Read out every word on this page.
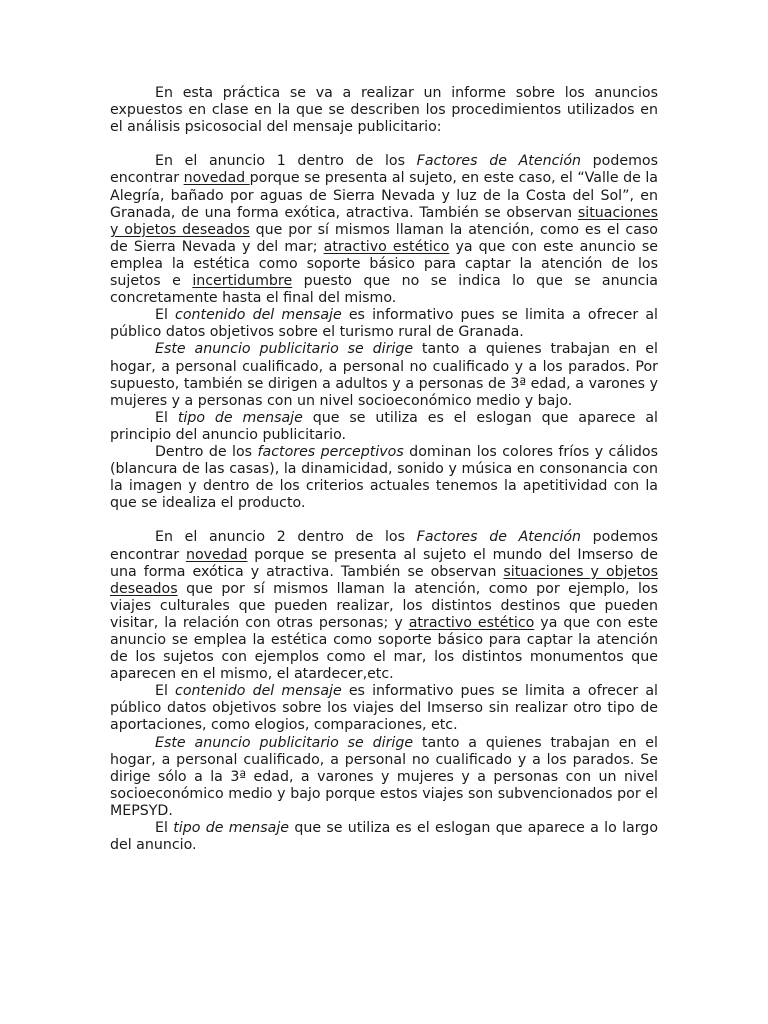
En esta práctica se va a realizar un informe sobre los anuncios expuestos en clase en la que se describen los procedimientos utilizados en el análisis psicosocial del mensaje publicitario:

En el anuncio 1 dentro de los Factores de Atención podemos encontrar novedad porque se presenta al sujeto, en este caso, el “Valle de la Alegría, bañado por aguas de Sierra Nevada y luz de la Costa del Sol”, en Granada, de una forma exótica, atractiva. También se observan situaciones y objetos deseados que por sí mismos llaman la atención, como es el caso de Sierra Nevada y del mar; atractivo estético ya que con este anuncio se emplea la estética como soporte básico para captar la atención de los sujetos e incertidumbre puesto que no se indica lo que se anuncia concretamente hasta el final del mismo.

El contenido del mensaje es informativo pues se limita a ofrecer al público datos objetivos sobre el turismo rural de Granada.

Este anuncio publicitario se dirige tanto a quienes trabajan en el hogar, a personal cualificado, a personal no cualificado y a los parados. Por supuesto, también se dirigen a adultos y a personas de 3ª edad, a varones y mujeres y a personas con un nivel socioeconómico medio y bajo.

El tipo de mensaje que se utiliza es el eslogan que aparece al principio del anuncio publicitario.

Dentro de los factores perceptivos dominan los colores fríos y cálidos (blancura de las casas), la dinamicidad, sonido y música en consonancia con la imagen y dentro de los criterios actuales tenemos la apetitividad con la que se idealiza el producto.

En el anuncio 2 dentro de los Factores de Atención podemos encontrar novedad porque se presenta al sujeto el mundo del Imserso de una forma exótica y atractiva. También se observan situaciones y objetos deseados que por sí mismos llaman la atención, como por ejemplo, los viajes culturales que pueden realizar, los distintos destinos que pueden visitar, la relación con otras personas; y atractivo estético ya que con este anuncio se emplea la estética como soporte básico para captar la atención de los sujetos con ejemplos como el mar, los distintos monumentos que aparecen en el mismo, el atardecer,etc.

El contenido del mensaje es informativo pues se limita a ofrecer al público datos objetivos sobre los viajes del Imserso sin realizar otro tipo de aportaciones, como elogios, comparaciones, etc.

Este anuncio publicitario se dirige tanto a quienes trabajan en el hogar, a personal cualificado, a personal no cualificado y a los parados. Se dirige sólo a la 3ª edad, a varones y mujeres y a personas con un nivel socioeconómico medio y bajo porque estos viajes son subvencionados por el MEPSYD.

El tipo de mensaje que se utiliza es el eslogan que aparece a lo largo del anuncio.
